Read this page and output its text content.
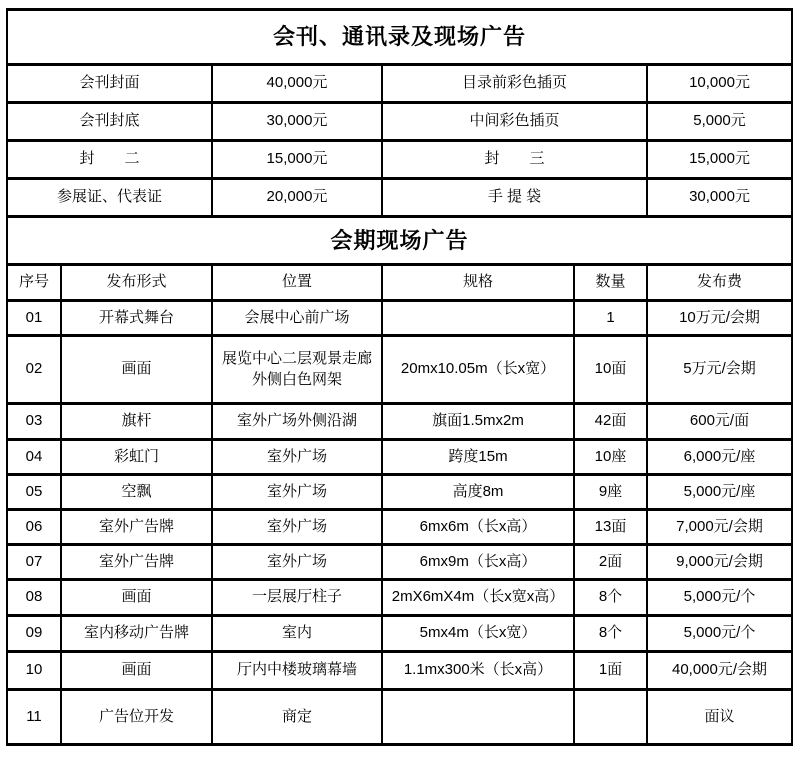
会刊、通讯录及现场广告					
会刊封面		40,000元	目录前彩色插页		10,000元
会刊封底		30,000元	中间彩色插页		5,000元
封　　二		15,000元	封　　三		15,000元
参展证、代表证		20,000元	手 提 袋		30,000元
会期现场广告					
序号	发布形式	位置	规格	数量	发布费
01	开幕式舞台	会展中心前广场		1	10万元/会期
02	画面	展览中心二层观景走廊外侧白色网架	20mx10.05m（长x宽）	10面	5万元/会期
03	旗杆	室外广场外侧沿湖	旗面1.5mx2m	42面	600元/面
04	彩虹门	室外广场	跨度15m	10座	6,000元/座
05	空飘	室外广场	高度8m	9座	5,000元/座
06	室外广告牌	室外广场	6mx6m（长x高）	13面	7,000元/会期
07	室外广告牌	室外广场	6mx9m（长x高）	2面	9,000元/会期
08	画面	一层展厅柱子	2mX6mX4m（长x宽x高）	8个	5,000元/个
09	室内移动广告牌	室内	5mx4m（长x宽）	8个	5,000元/个
10	画面	厅内中楼玻璃幕墙	1.1mx300米（长x高）	1面	40,000元/会期
11	广告位开发	商定			面议
